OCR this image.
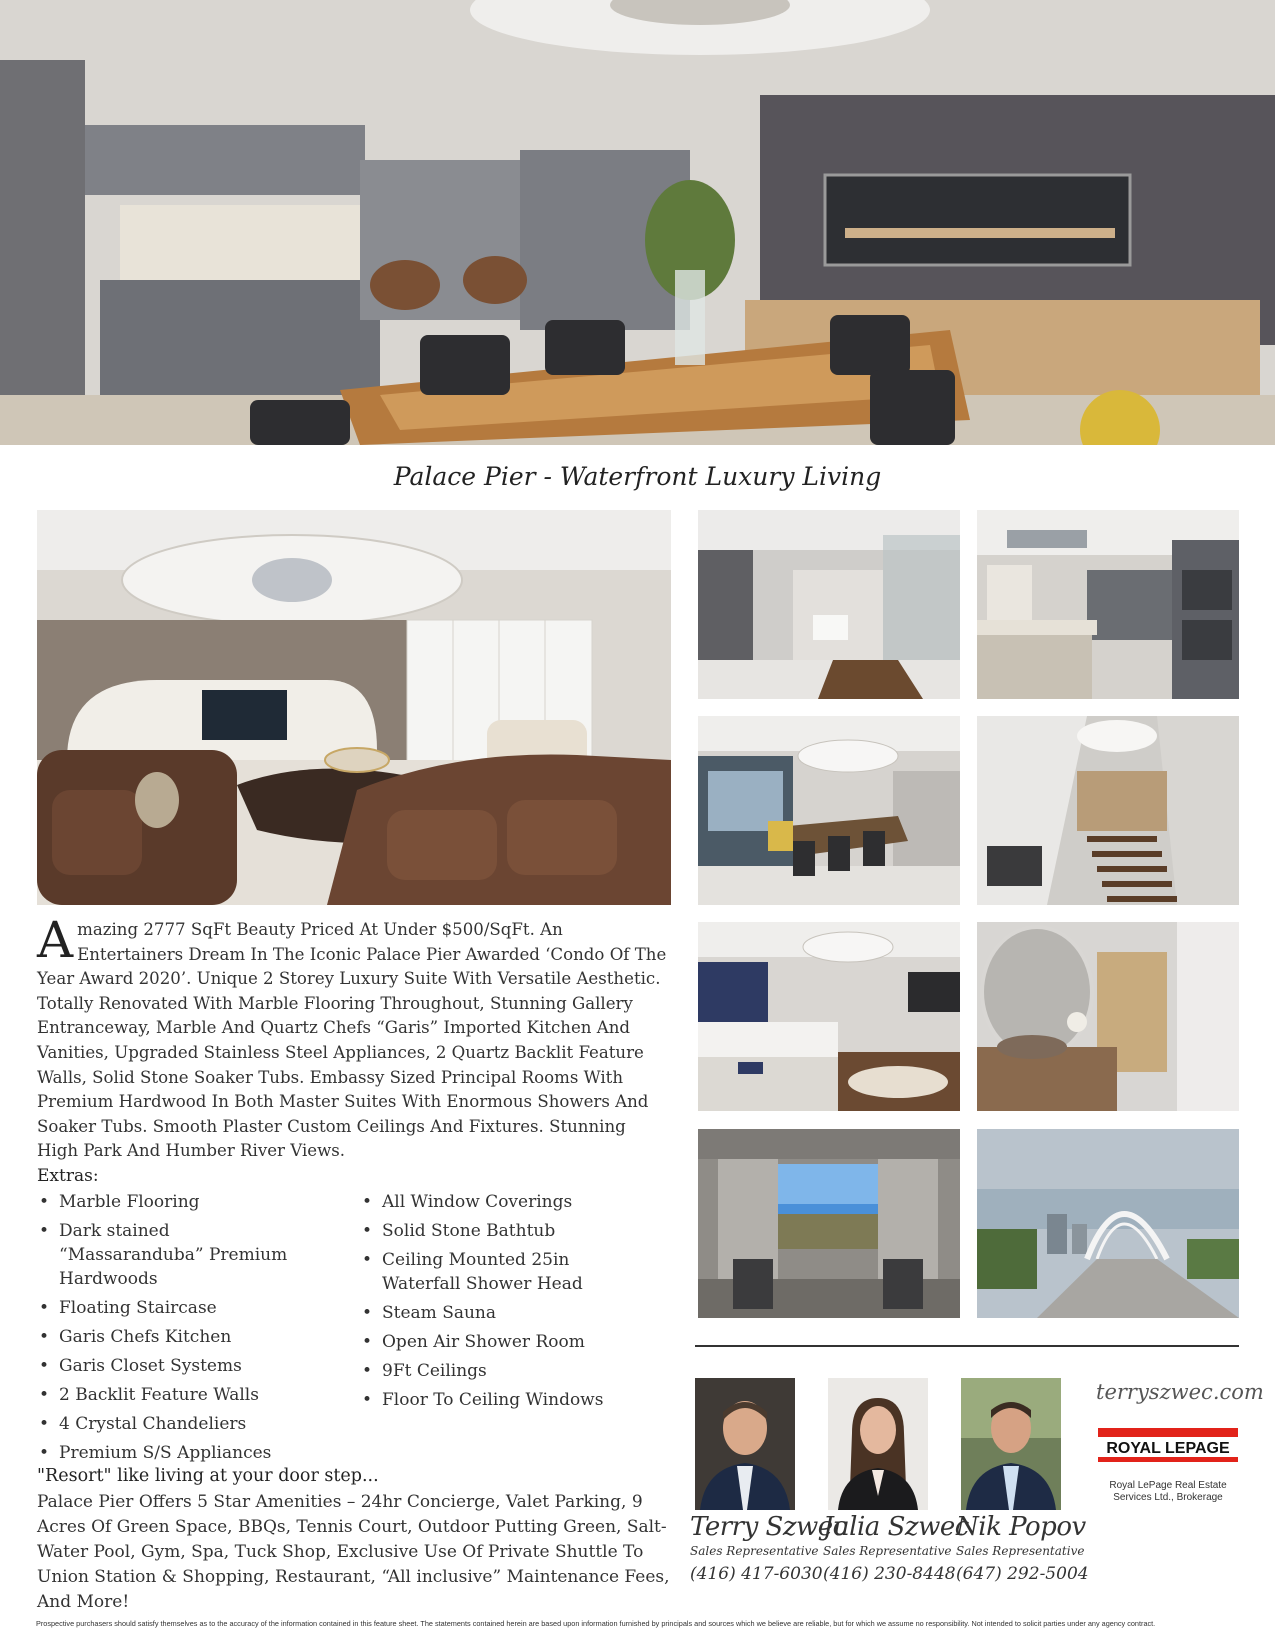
Palace Pier - Waterfront Luxury Living
Amazing 2777 SqFt Beauty Priced At Under $500/SqFt. An Entertainers Dream In The Iconic Palace Pier Awarded ‘Condo Of The Year Award 2020’. Unique 2 Storey Luxury Suite With Versatile Aesthetic. Totally Renovated With Marble Flooring Throughout, Stunning Gallery Entranceway, Marble And Quartz Chefs “Garis” Imported Kitchen And Vanities, Upgraded Stainless Steel Appliances, 2 Quartz Backlit Feature Walls, Solid Stone Soaker Tubs. Embassy Sized Principal Rooms With Premium Hardwood In Both Master Suites With Enormous Showers And Soaker Tubs. Smooth Plaster Custom Ceilings And Fixtures. Stunning High Park And Humber River Views.
Extras:
• Marble Flooring
• Dark stained “Massaranduba” Premium Hardwoods
• Floating Staircase
• Garis Chefs Kitchen
• Garis Closet Systems
• 2 Backlit Feature Walls
• 4 Crystal Chandeliers
• Premium S/S Appliances
• All Window Coverings
• Solid Stone Bathtub
• Ceiling Mounted 25in Waterfall Shower Head
• Steam Sauna
• Open Air Shower Room
• 9Ft Ceilings
• Floor To Ceiling Windows
"Resort" like living at your door step...
Palace Pier Offers 5 Star Amenities – 24hr Concierge, Valet Parking, 9 Acres Of Green Space, BBQs, Tennis Court, Outdoor Putting Green, Salt-Water Pool, Gym, Spa, Tuck Shop, Exclusive Use Of Private Shuttle To Union Station & Shopping, Restaurant, “All inclusive” Maintenance Fees, And More!
Terry Szwec
Sales Representative
(416) 417-6030
Julia Szwec
Sales Representative
(416) 230-8448
Nik Popov
Sales Representative
(647) 292-5004
terryszwec.com
ROYAL LEPAGE
Royal LePage Real Estate Services Ltd., Brokerage
Prospective purchasers should satisfy themselves as to the accuracy of the information contained in this feature sheet. The statements contained herein are based upon information furnished by principals and sources which we believe are reliable, but for which we assume no responsibility. Not intended to solicit parties under any agency contract.
